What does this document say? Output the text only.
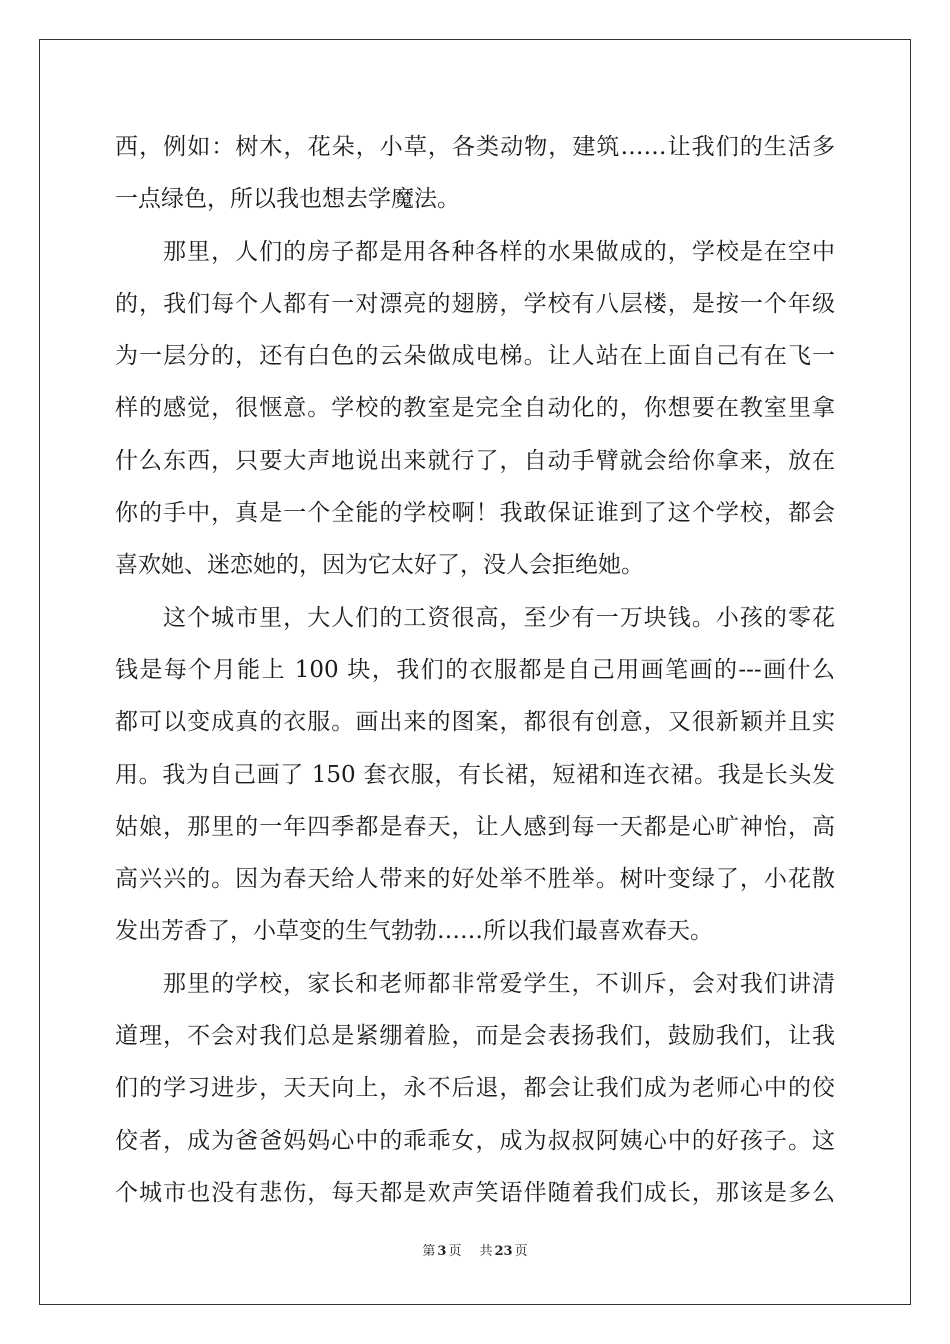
西，例如：树木，花朵，小草，各类动物，建筑……让我们的生活多
一点绿色，所以我也想去学魔法。
那里，人们的房子都是用各种各样的水果做成的，学校是在空中
的，我们每个人都有一对漂亮的翅膀，学校有八层楼，是按一个年级
为一层分的，还有白色的云朵做成电梯。让人站在上面自己有在飞一
样的感觉，很惬意。学校的教室是完全自动化的，你想要在教室里拿
什么东西，只要大声地说出来就行了，自动手臂就会给你拿来，放在
你的手中，真是一个全能的学校啊！我敢保证谁到了这个学校，都会
喜欢她、迷恋她的，因为它太好了，没人会拒绝她。
这个城市里，大人们的工资很高，至少有一万块钱。小孩的零花
钱是每个月能上 100 块，我们的衣服都是自己用画笔画的---画什么
都可以变成真的衣服。画出来的图案，都很有创意，又很新颖并且实
用。我为自己画了 150 套衣服，有长裙，短裙和连衣裙。我是长头发
姑娘，那里的一年四季都是春天，让人感到每一天都是心旷神怡，高
高兴兴的。因为春天给人带来的好处举不胜举。树叶变绿了，小花散
发出芳香了，小草变的生气勃勃……所以我们最喜欢春天。
那里的学校，家长和老师都非常爱学生，不训斥，会对我们讲清
道理，不会对我们总是紧绷着脸，而是会表扬我们，鼓励我们，让我
们的学习进步，天天向上，永不后退，都会让我们成为老师心中的佼
佼者，成为爸爸妈妈心中的乖乖女，成为叔叔阿姨心中的好孩子。这
个城市也没有悲伤，每天都是欢声笑语伴随着我们成长，那该是多么
第 3 页 共 23 页
